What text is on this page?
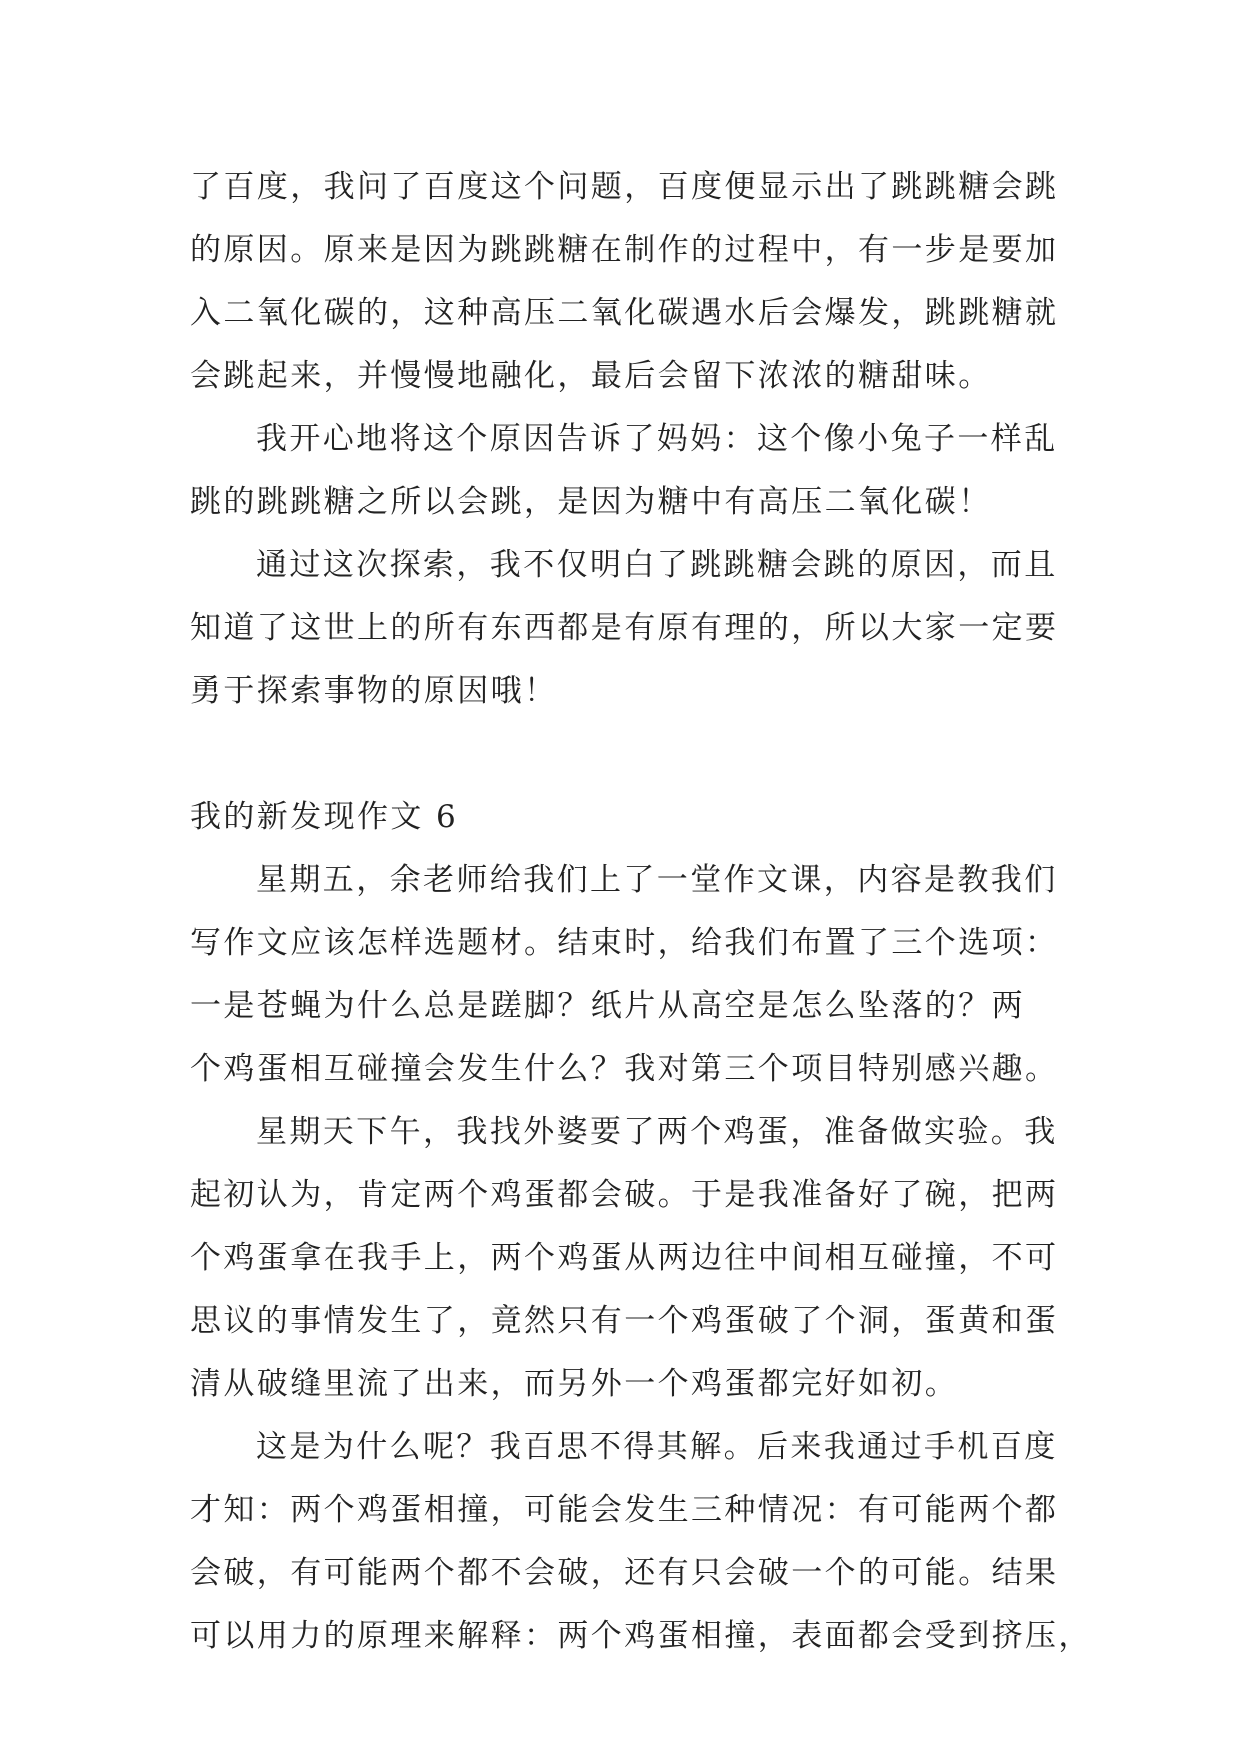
了百度，我问了百度这个问题，百度便显示出了跳跳糖会跳
的原因。原来是因为跳跳糖在制作的过程中，有一步是要加
入二氧化碳的，这种高压二氧化碳遇水后会爆发，跳跳糖就
会跳起来，并慢慢地融化，最后会留下浓浓的糖甜味。
我开心地将这个原因告诉了妈妈：这个像小兔子一样乱
跳的跳跳糖之所以会跳，是因为糖中有高压二氧化碳！
通过这次探索，我不仅明白了跳跳糖会跳的原因，而且
知道了这世上的所有东西都是有原有理的，所以大家一定要
勇于探索事物的原因哦！
我的新发现作文 6
星期五，余老师给我们上了一堂作文课，内容是教我们
写作文应该怎样选题材。结束时，给我们布置了三个选项：
一是苍蝇为什么总是蹉脚？纸片从高空是怎么坠落的？两
个鸡蛋相互碰撞会发生什么？我对第三个项目特别感兴趣。
星期天下午，我找外婆要了两个鸡蛋，准备做实验。我
起初认为，肯定两个鸡蛋都会破。于是我准备好了碗，把两
个鸡蛋拿在我手上，两个鸡蛋从两边往中间相互碰撞，不可
思议的事情发生了，竟然只有一个鸡蛋破了个洞，蛋黄和蛋
清从破缝里流了出来，而另外一个鸡蛋都完好如初。
这是为什么呢？我百思不得其解。后来我通过手机百度
才知：两个鸡蛋相撞，可能会发生三种情况：有可能两个都
会破，有可能两个都不会破，还有只会破一个的可能。结果
可以用力的原理来解释：两个鸡蛋相撞，表面都会受到挤压，
